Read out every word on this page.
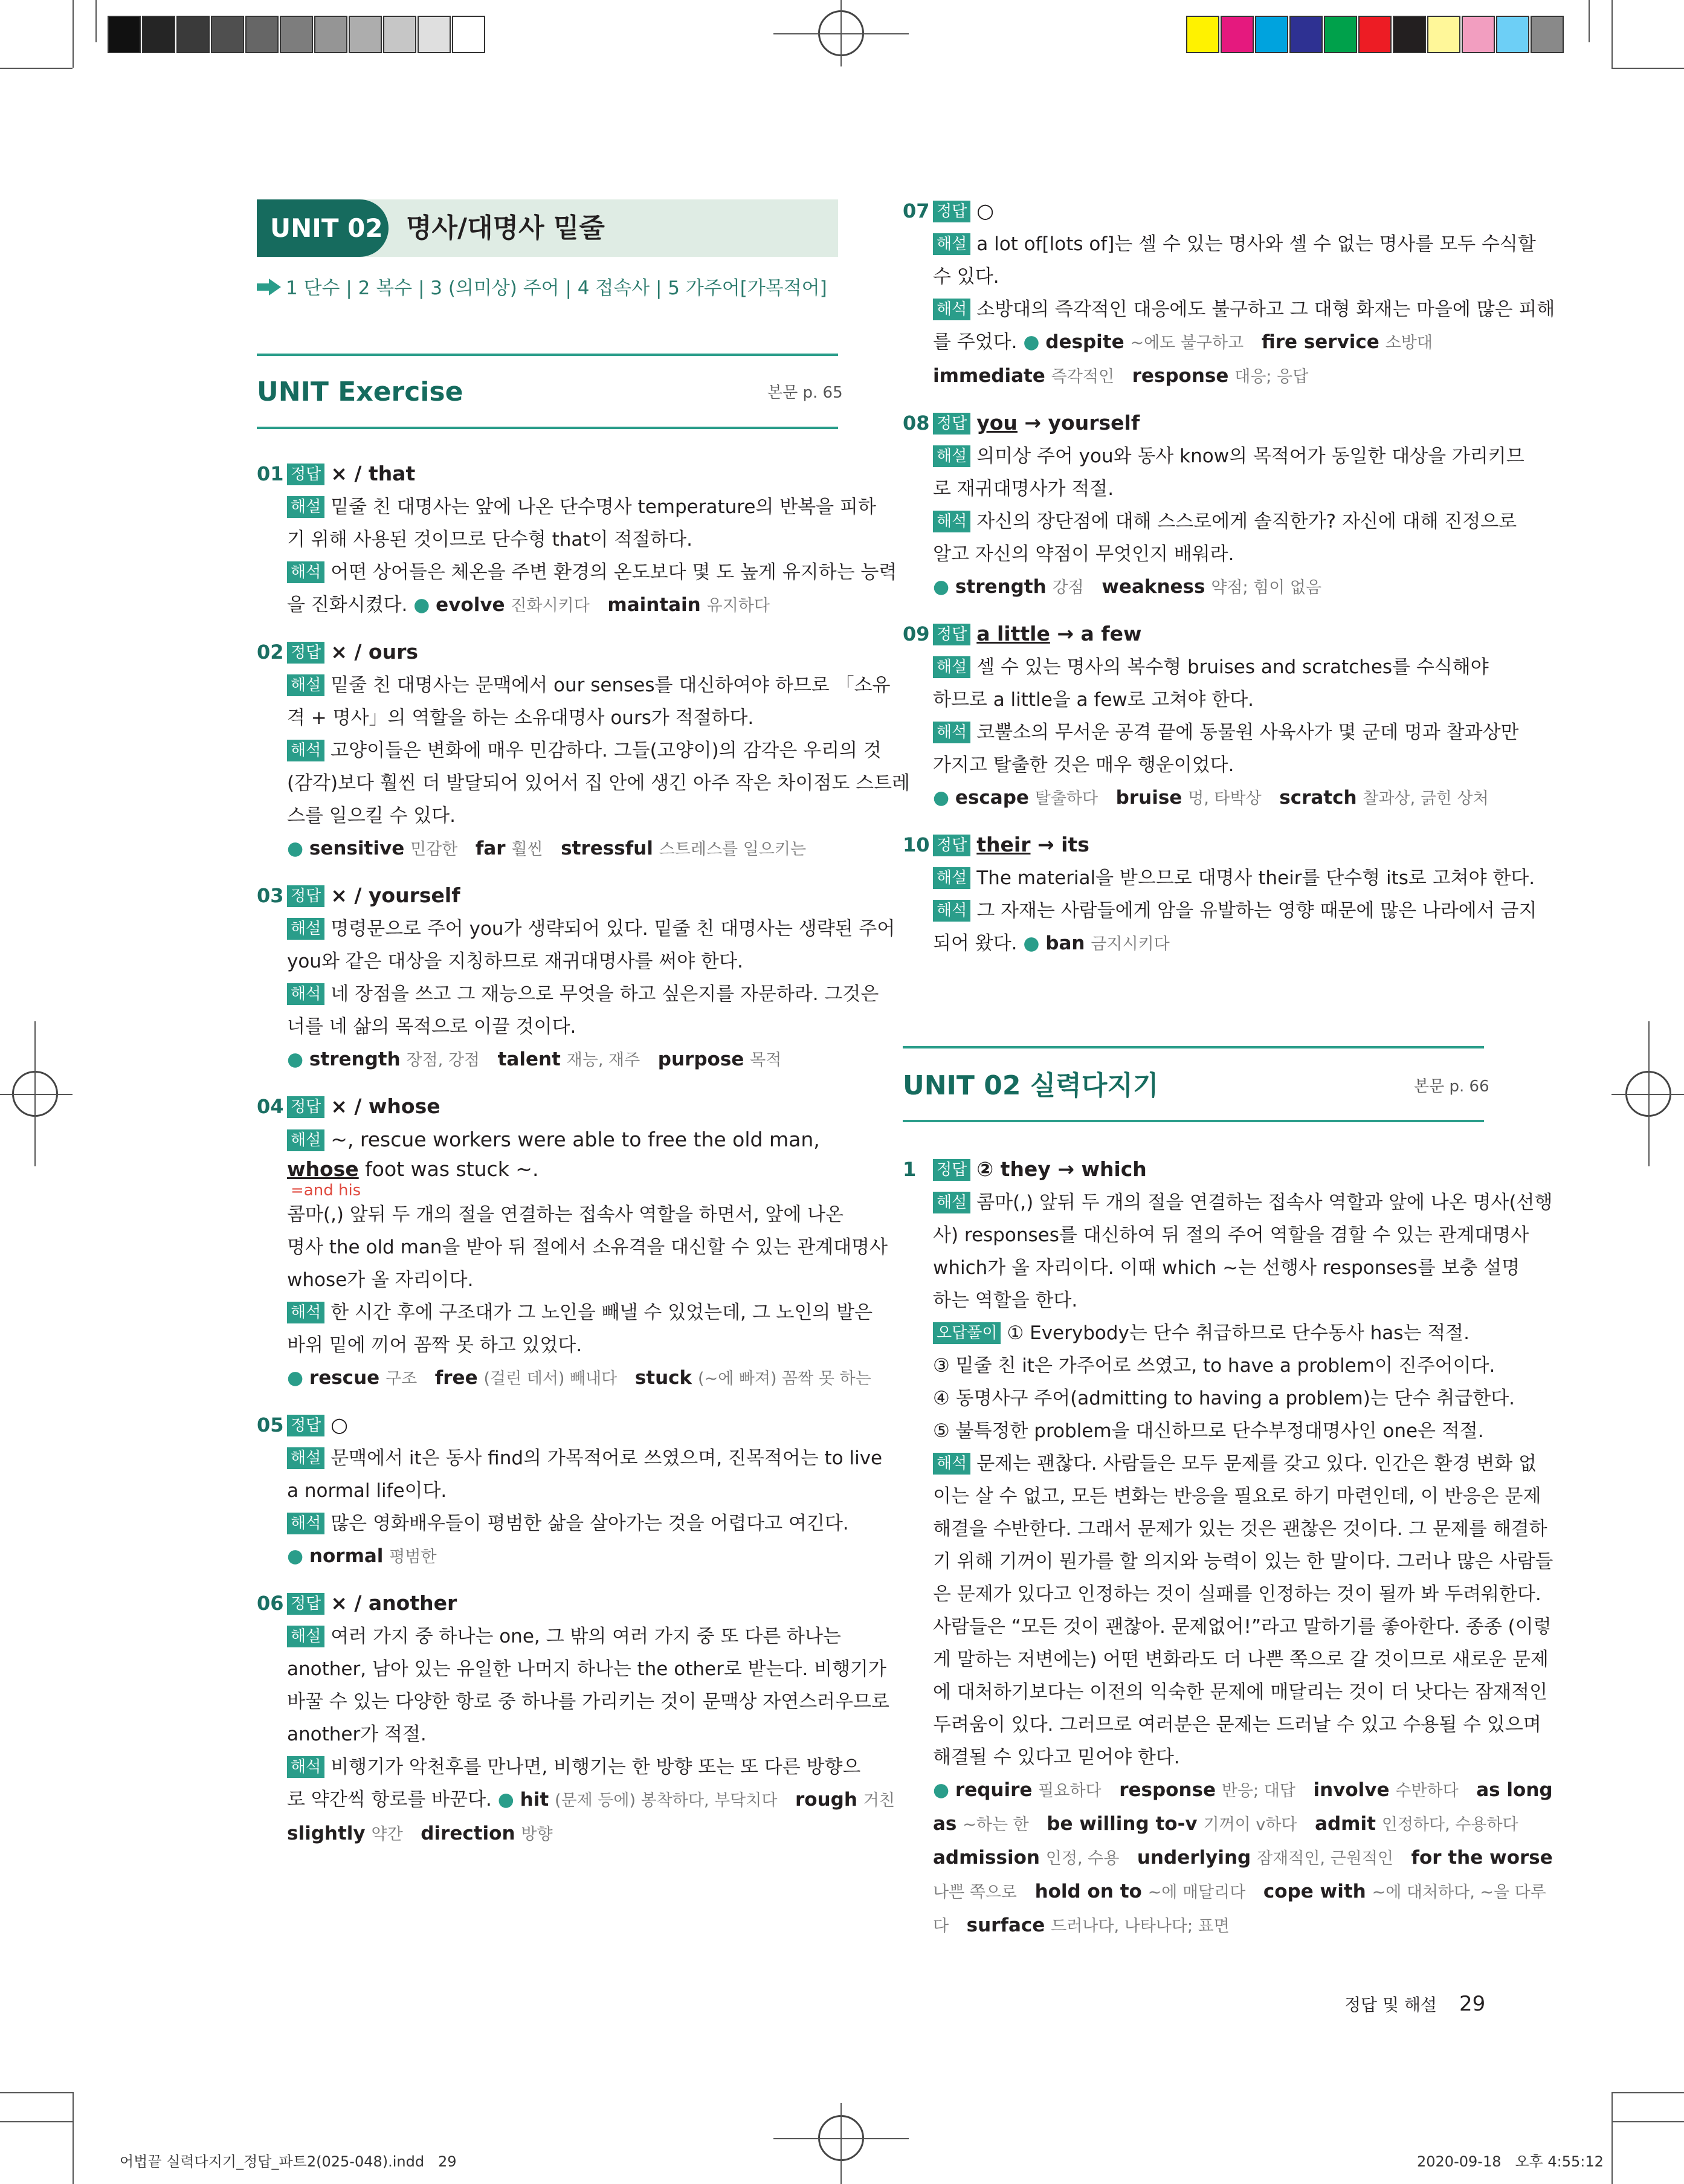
UNIT 02 명사/대명사 밑줄
1 단수 | 2 복수 | 3 (의미상) 주어 | 4 접속사 | 5 가주어[가목적어]
UNIT Exercise	본문 p. 65
01 정답 × / that
해설 밑줄 친 대명사는 앞에 나온 단수명사 temperature의 반복을 피하
기 위해 사용된 것이므로 단수형 that이 적절하다.
해석 어떤 상어들은 체온을 주변 환경의 온도보다 몇 도 높게 유지하는 능력
을 진화시켰다. ● evolve 진화시키다 maintain 유지하다
02 정답 × / ours
해설 밑줄 친 대명사는 문맥에서 our senses를 대신하여야 하므로 「소유
격 + 명사」의 역할을 하는 소유대명사 ours가 적절하다.
해석 고양이들은 변화에 매우 민감하다. 그들(고양이)의 감각은 우리의 것
(감각)보다 훨씬 더 발달되어 있어서 집 안에 생긴 아주 작은 차이점도 스트레
스를 일으킬 수 있다.
● sensitive 민감한 far 훨씬 stressful 스트레스를 일으키는
03 정답 × / yourself
해설 명령문으로 주어 you가 생략되어 있다. 밑줄 친 대명사는 생략된 주어
you와 같은 대상을 지칭하므로 재귀대명사를 써야 한다.
해석 네 장점을 쓰고 그 재능으로 무엇을 하고 싶은지를 자문하라. 그것은
너를 네 삶의 목적으로 이끌 것이다.
● strength 장점, 강점 talent 재능, 재주 purpose 목적
04 정답 × / whose
해설 ~, rescue workers were able to free the old man,
whose foot was stuck ~.
=and his
콤마(,) 앞뒤 두 개의 절을 연결하는 접속사 역할을 하면서, 앞에 나온
명사 the old man을 받아 뒤 절에서 소유격을 대신할 수 있는 관계대명사
whose가 올 자리이다.
해석 한 시간 후에 구조대가 그 노인을 빼낼 수 있었는데, 그 노인의 발은
바위 밑에 끼어 꼼짝 못 하고 있었다.
● rescue 구조 free (걸린 데서) 빼내다 stuck (~에 빠져) 꼼짝 못 하는
05 정답 ○
해설 문맥에서 it은 동사 find의 가목적어로 쓰였으며, 진목적어는 to live
a normal life이다.
해석 많은 영화배우들이 평범한 삶을 살아가는 것을 어렵다고 여긴다.
● normal 평범한
06 정답 × / another
해설 여러 가지 중 하나는 one, 그 밖의 여러 가지 중 또 다른 하나는
another, 남아 있는 유일한 나머지 하나는 the other로 받는다. 비행기가
바꿀 수 있는 다양한 항로 중 하나를 가리키는 것이 문맥상 자연스러우므로
another가 적절.
해석 비행기가 악천후를 만나면, 비행기는 한 방향 또는 또 다른 방향으
로 약간씩 항로를 바꾼다. ● hit (문제 등에) 봉착하다, 부닥치다 rough 거친
slightly 약간 direction 방향
07 정답 ○
해설 a lot of[lots of]는 셀 수 있는 명사와 셀 수 없는 명사를 모두 수식할
수 있다.
해석 소방대의 즉각적인 대응에도 불구하고 그 대형 화재는 마을에 많은 피해
를 주었다. ● despite ~에도 불구하고 fire service 소방대
immediate 즉각적인 response 대응; 응답
08 정답 you → yourself
해설 의미상 주어 you와 동사 know의 목적어가 동일한 대상을 가리키므
로 재귀대명사가 적절.
해석 자신의 장단점에 대해 스스로에게 솔직한가? 자신에 대해 진정으로
알고 자신의 약점이 무엇인지 배워라.
● strength 강점 weakness 약점; 힘이 없음
09 정답 a little → a few
해설 셀 수 있는 명사의 복수형 bruises and scratches를 수식해야
하므로 a little을 a few로 고쳐야 한다.
해석 코뿔소의 무서운 공격 끝에 동물원 사육사가 몇 군데 멍과 찰과상만
가지고 탈출한 것은 매우 행운이었다.
● escape 탈출하다 bruise 멍, 타박상 scratch 찰과상, 긁힌 상처
10 정답 their → its
해설 The material을 받으므로 대명사 their를 단수형 its로 고쳐야 한다.
해석 그 자재는 사람들에게 암을 유발하는 영향 때문에 많은 나라에서 금지
되어 왔다. ● ban 금지시키다
UNIT 02 실력다지기	본문 p. 66
1 정답 ② they → which
해설 콤마(,) 앞뒤 두 개의 절을 연결하는 접속사 역할과 앞에 나온 명사(선행
사) responses를 대신하여 뒤 절의 주어 역할을 겸할 수 있는 관계대명사
which가 올 자리이다. 이때 which ~는 선행사 responses를 보충 설명
하는 역할을 한다.
오답풀이 ① Everybody는 단수 취급하므로 단수동사 has는 적절.
③ 밑줄 친 it은 가주어로 쓰였고, to have a problem이 진주어이다.
④ 동명사구 주어(admitting to having a problem)는 단수 취급한다.
⑤ 불특정한 problem을 대신하므로 단수부정대명사인 one은 적절.
해석 문제는 괜찮다. 사람들은 모두 문제를 갖고 있다. 인간은 환경 변화 없
이는 살 수 없고, 모든 변화는 반응을 필요로 하기 마련인데, 이 반응은 문제
해결을 수반한다. 그래서 문제가 있는 것은 괜찮은 것이다. 그 문제를 해결하
기 위해 기꺼이 뭔가를 할 의지와 능력이 있는 한 말이다. 그러나 많은 사람들
은 문제가 있다고 인정하는 것이 실패를 인정하는 것이 될까 봐 두려워한다.
사람들은 “모든 것이 괜찮아. 문제없어!”라고 말하기를 좋아한다. 종종 (이렇
게 말하는 저변에는) 어떤 변화라도 더 나쁜 쪽으로 갈 것이므로 새로운 문제
에 대처하기보다는 이전의 익숙한 문제에 매달리는 것이 더 낫다는 잠재적인
두려움이 있다. 그러므로 여러분은 문제는 드러날 수 있고 수용될 수 있으며
해결될 수 있다고 믿어야 한다.
● require 필요하다 response 반응; 대답 involve 수반하다 as long
as ~하는 한 be willing to-v 기꺼이 v하다 admit 인정하다, 수용하다
admission 인정, 수용 underlying 잠재적인, 근원적인 for the worse
나쁜 쪽으로 hold on to ~에 매달리다 cope with ~에 대처하다, ~을 다루
다 surface 드러나다, 나타나다; 표면
정답 및 해설 29
어법끝 실력다지기_정답_파트2(025-048).indd   29	2020-09-18   오후 4:55:12
